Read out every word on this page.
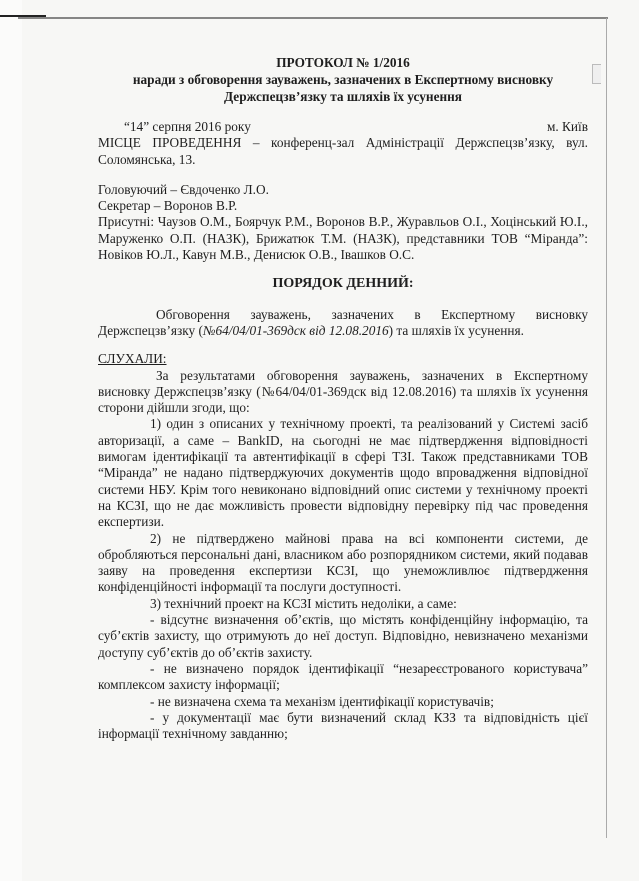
ПРОТОКОЛ № 1/2016

наради з обговорення зауважень, зазначених в Експертному висновку

Держспецзв’язку та шляхів їх усунення

“14” серпня 2016 року	м. Київ

МІСЦЕ ПРОВЕДЕННЯ – конференц-зал Адміністрації Держспецзв’язку, вул. Соломянська, 13.

Головуючий – Євдоченко Л.О.

Секретар – Воронов В.Р.

Присутні: Чаузов О.М., Боярчук Р.М., Воронов В.Р., Журавльов О.І., Хоцінський Ю.І., Маруженко О.П. (НАЗК), Брижатюк Т.М. (НАЗК), представники ТОВ “Міранда”: Новіков Ю.Л., Кавун М.В., Денисюк О.В., Івашков О.С.

ПОРЯДОК ДЕННИЙ:

Обговорення зауважень, зазначених в Експертному висновку Держспецзв’язку (№64/04/01-369дск від 12.08.2016) та шляхів їх усунення.

СЛУХАЛИ:

За результатами обговорення зауважень, зазначених в Експертному висновку Держспецзв’язку (№64/04/01-369дск від 12.08.2016) та шляхів їх усунення сторони дійшли згоди, що:

1) один з описаних у технічному проекті, та реалізований у Системі засіб авторизації, а саме – BankID, на сьогодні не має підтвердження відповідності вимогам ідентифікації та автентифікації в сфері ТЗІ. Також представниками ТОВ “Міранда” не надано підтверджуючих документів щодо впровадження відповідної системи НБУ. Крім того невиконано відповідний опис системи у технічному проекті на КСЗІ, що не дає можливість провести відповідну перевірку під час проведення експертизи.

2) не підтверджено майнові права на всі компоненти системи, де обробляються персональні дані, власником або розпорядником системи, який подавав заяву на проведення експертизи КСЗІ, що унеможливлює підтвердження конфіденційності інформації та послуги доступності.

3) технічний проект на КСЗІ містить недоліки, а саме:

- відсутнє визначення об’єктів, що містять конфіденційну інформацію, та суб’єктів захисту, що отримують до неї доступ. Відповідно, невизначено механізми доступу суб’єктів до об’єктів захисту.

- не визначено порядок ідентифікації “незареєстрованого користувача” комплексом захисту інформації;

- не визначена схема та механізм ідентифікації користувачів;

- у документації має бути визначений склад КЗЗ та відповідність цієї інформації технічному завданню;
